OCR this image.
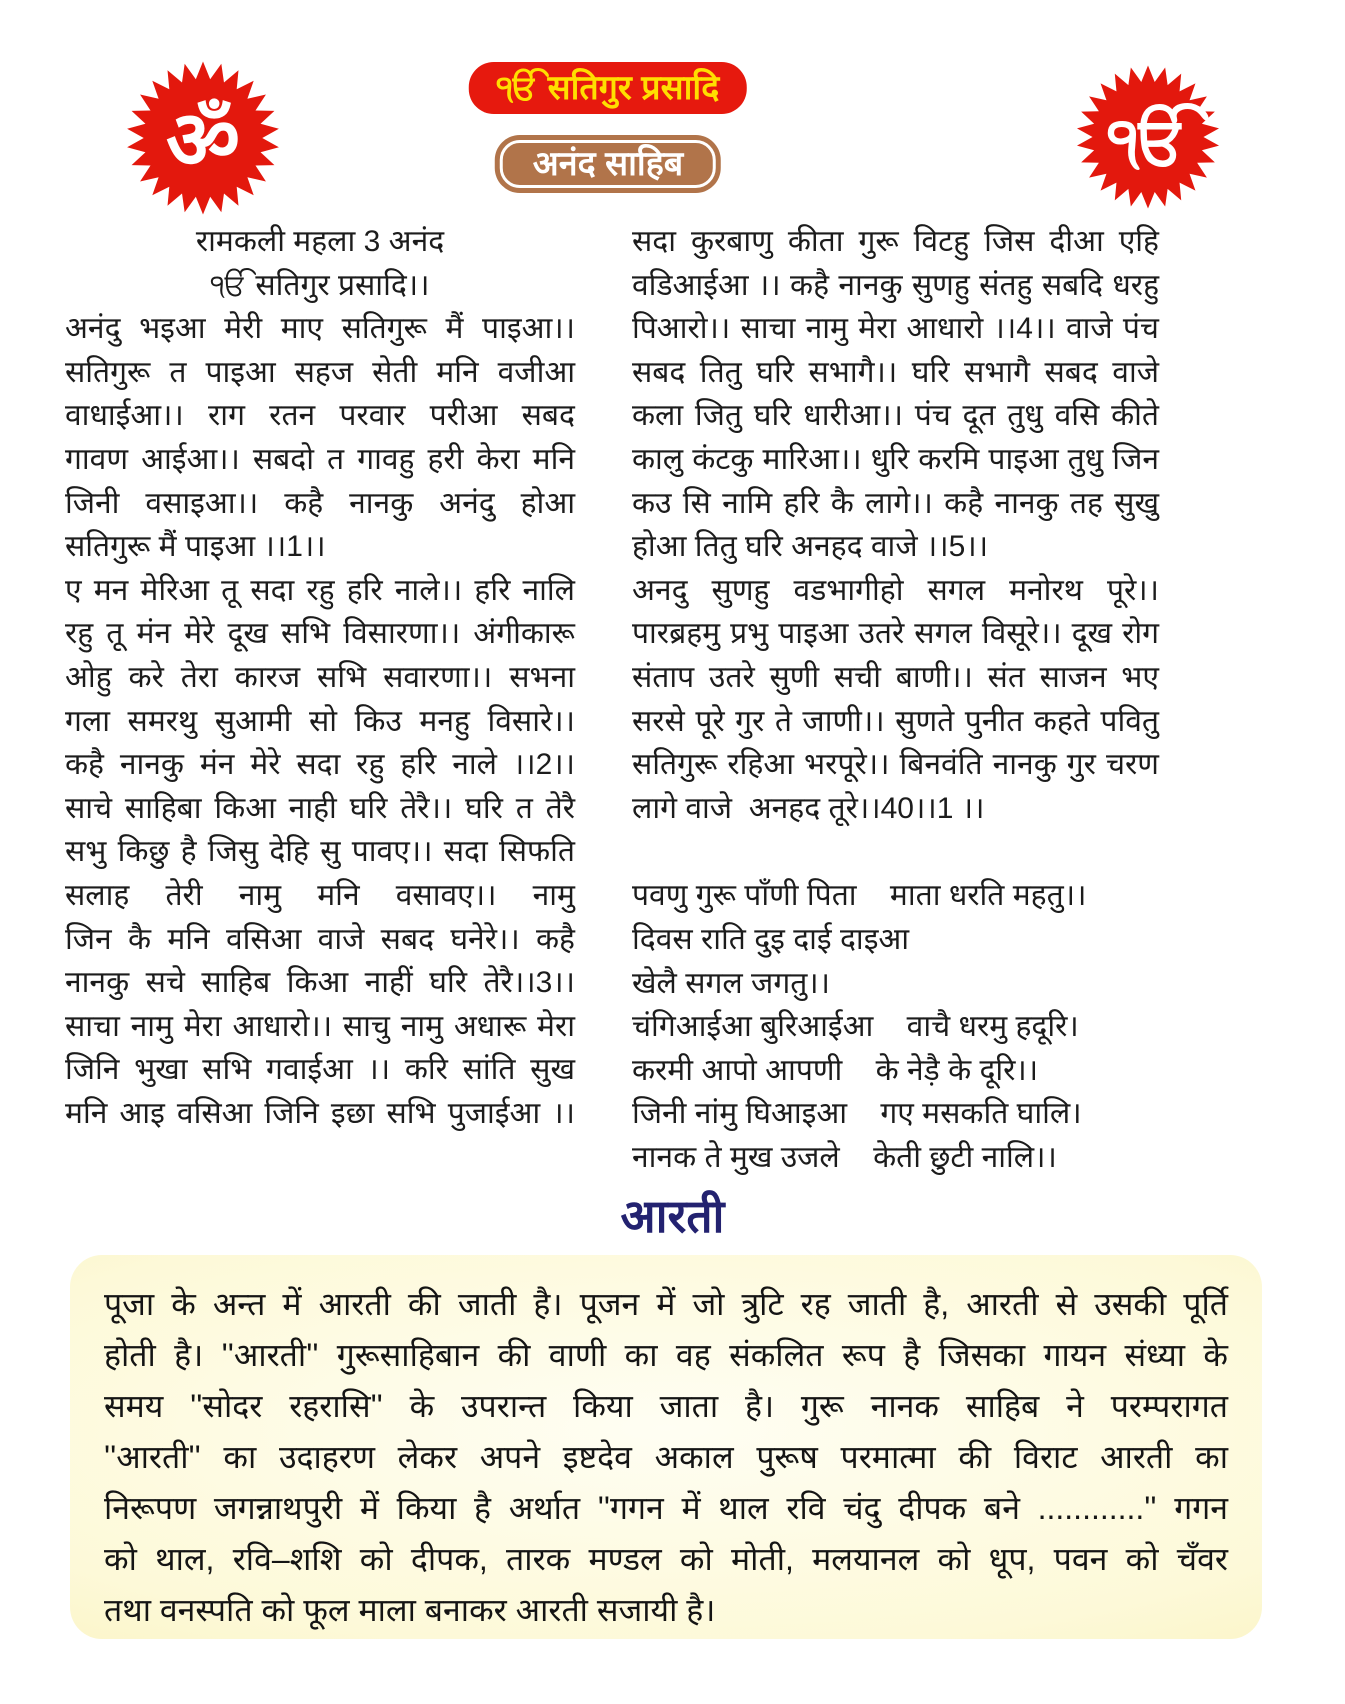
ॐ	ੴ
ੴ सतिगुर प्रसादि
अनंद साहिब
रामकली महला 3 अनंद
ੴ सतिगुर प्रसादि।।
अनंदु भइआ मेरी माए सतिगुरू मैं पाइआ।।
सतिगुरू त पाइआ सहज सेती मनि वजीआ
वाधाईआ।। राग रतन परवार परीआ सबद
गावण आईआ।। सबदो त गावहु हरी केरा मनि
जिनी वसाइआ।। कहै नानकु अनंदु होआ
सतिगुरू मैं पाइआ ।।1।।
ए मन मेरिआ तू सदा रहु हरि नाले।। हरि नालि
रहु तू मंन मेरे दूख सभि विसारणा।। अंगीकारू
ओहु करे तेरा कारज सभि सवारणा।। सभना
गला समरथु सुआमी सो किउ मनहु विसारे।।
कहै नानकु मंन मेरे सदा रहु हरि नाले ।।2।।
साचे साहिबा किआ नाही घरि तेरै।। घरि त तेरै
सभु किछु है जिसु देहि सु पावए।। सदा सिफति
सलाह तेरी नामु मनि वसावए।। नामु
जिन कै मनि वसिआ वाजे सबद घनेरे।। कहै
नानकु सचे साहिब किआ नाहीं घरि तेरै।।3।।
साचा नामु मेरा आधारो।। साचु नामु अधारू मेरा
जिनि भुखा सभि गवाईआ ।। करि सांति सुख
मनि आइ वसिआ जिनि इछा सभि पुजाईआ ।।
सदा कुरबाणु कीता गुरू विटहु जिस दीआ एहि
वडिआईआ ।। कहै नानकु सुणहु संतहु सबदि धरहु
पिआरो।। साचा नामु मेरा आधारो ।।4।। वाजे पंच
सबद तितु घरि सभागै।। घरि सभागै सबद वाजे
कला जितु घरि धारीआ।। पंच दूत तुधु वसि कीते
कालु कंटकु मारिआ।। धुरि करमि पाइआ तुधु जिन
कउ सि नामि हरि कै लागे।। कहै नानकु तह सुखु
होआ तितु घरि अनहद वाजे ।।5।।
अनदु सुणहु वडभागीहो सगल मनोरथ पूरे।।
पारब्रहमु प्रभु पाइआ उतरे सगल विसूरे।। दूख रोग
संताप उतरे सुणी सची बाणी।। संत साजन भए
सरसे पूरे गुर ते जाणी।। सुणते पुनीत कहते पवितु
सतिगुरू रहिआ भरपूरे।। बिनवंति नानकु गुर चरण
लागे वाजे  अनहद तूरे।।40।।1 ।।
पवणु गुरू पाँणी पिता    माता धरति महतु।।
दिवस राति दुइ दाई दाइआ
खेलै सगल जगतु।।
चंगिआईआ बुरिआईआ    वाचै धरमु हदूरि।
करमी आपो आपणी    के नेड़ै के दूरि।।
जिनी नांमु घिआइआ    गए मसकति घालि।
नानक ते मुख उजले    केती छुटी नालि।।
आरती
पूजा के अन्त में आरती की जाती है। पूजन में जो त्रुटि रह जाती है, आरती से उसकी पूर्ति
होती है। ''आरती'' गुरूसाहिबान की वाणी का वह संकलित रूप है जिसका गायन संध्या के
समय ''सोदर रहरासि'' के उपरान्त किया जाता है। गुरू नानक साहिब ने परम्परागत
''आरती'' का उदाहरण लेकर अपने इष्टदेव अकाल पुरूष परमात्मा की विराट आरती का
निरूपण जगन्नाथपुरी में किया है अर्थात ''गगन में थाल रवि चंदु दीपक बने ............'' गगन
को थाल, रवि–शशि को दीपक, तारक मण्डल को मोती, मलयानल को धूप, पवन को चँवर
तथा वनस्पति को फूल माला बनाकर आरती सजायी है।
